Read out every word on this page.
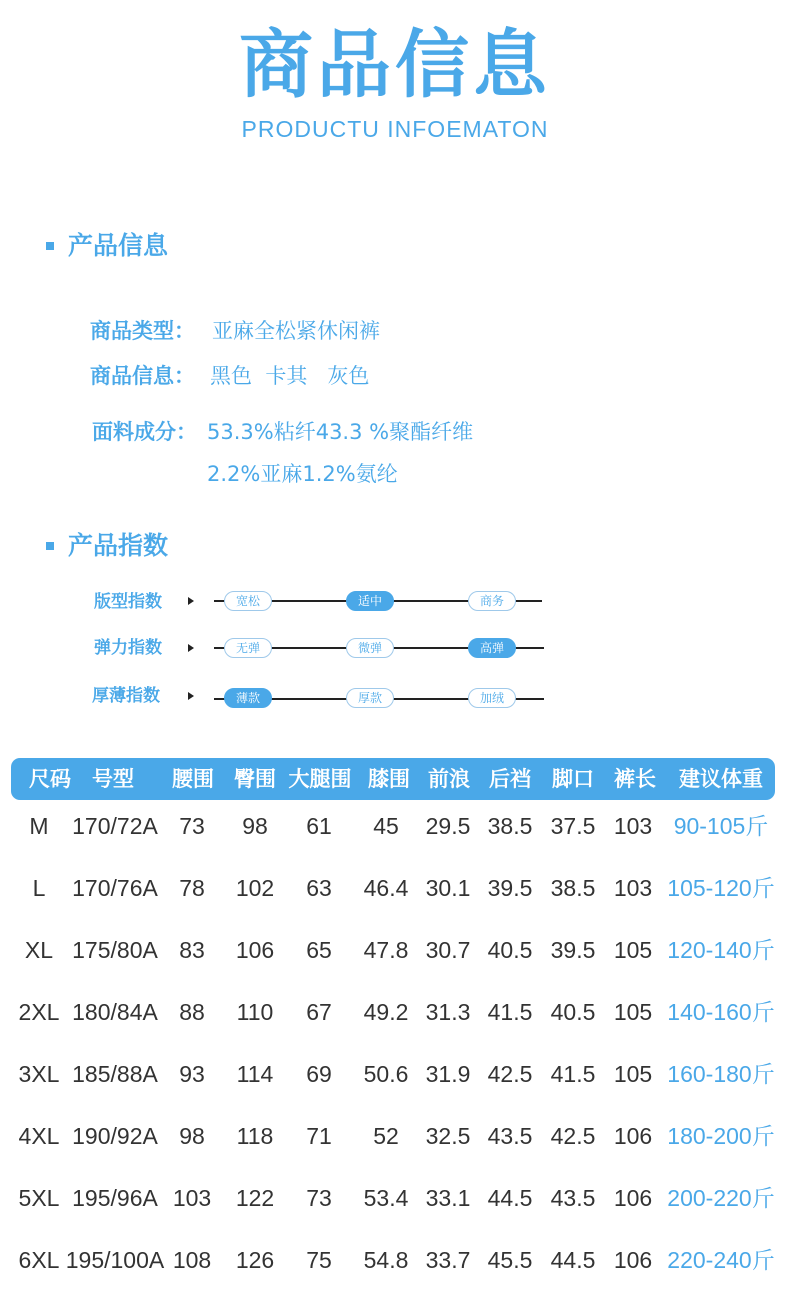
商品信息
PRODUCTU INFOEMATON
产品信息
商品类型： 亚麻全松紧休闲裤
商品信息： 黑色  卡其   灰色
面料成分： 53.3%粘纤43.3 %聚酯纤维
2.2%亚麻1.2%氨纶
产品指数
版型指数	宽松	适中	商务
弹力指数	无弹	微弹	高弹
厚薄指数	薄款	厚款	加绒
尺码 号型 腰围 臀围 大腿围 膝围 前浪 后裆 脚口 裤长	建议体重
M	170/72A 73	98	61	45	29.5 38.5 37.5 103 90-105斤
L	170/76A 78	102	63	46.4 30.1 39.5 38.5 103 105-120斤
XL 175/80A 83	106	65	47.8 30.7 40.5 39.5 105 120-140斤
2XL 180/84A 88	110	67	49.2 31.3 41.5 40.5 105 140-160斤
3XL 185/88A 93	114	69	50.6 31.9 42.5 41.5 105 160-180斤
4XL 190/92A 98	118	71	52	32.5 43.5 42.5 106 180-200斤
5XL 195/96A 103	122	73	53.4 33.1 44.5 43.5 106 200-220斤
6XL 195/100A 108	126	75	54.8 33.7 45.5 44.5 106 220-240斤
